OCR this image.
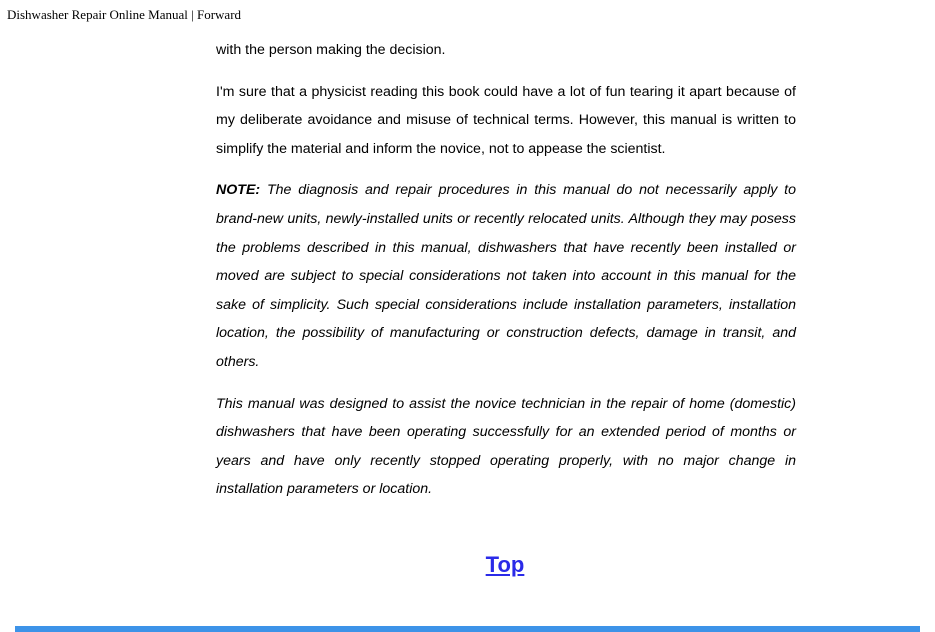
Dishwasher Repair Online Manual | Forward

with the person making the decision.

I'm sure that a physicist reading this book could have a lot of fun tearing it apart because of my deliberate avoidance and misuse of technical terms. However, this manual is written to simplify the material and inform the novice, not to appease the scientist.

NOTE: The diagnosis and repair procedures in this manual do not necessarily apply to brand-new units, newly-installed units or recently relocated units. Although they may posess the problems described in this manual, dishwashers that have recently been installed or moved are subject to special considerations not taken into account in this manual for the sake of simplicity. Such special considerations include installation parameters, installation location, the possibility of manufacturing or construction defects, damage in transit, and others.

This manual was designed to assist the novice technician in the repair of home (domestic) dishwashers that have been operating successfully for an extended period of months or years and have only recently stopped operating properly, with no major change in installation parameters or location.

Top
